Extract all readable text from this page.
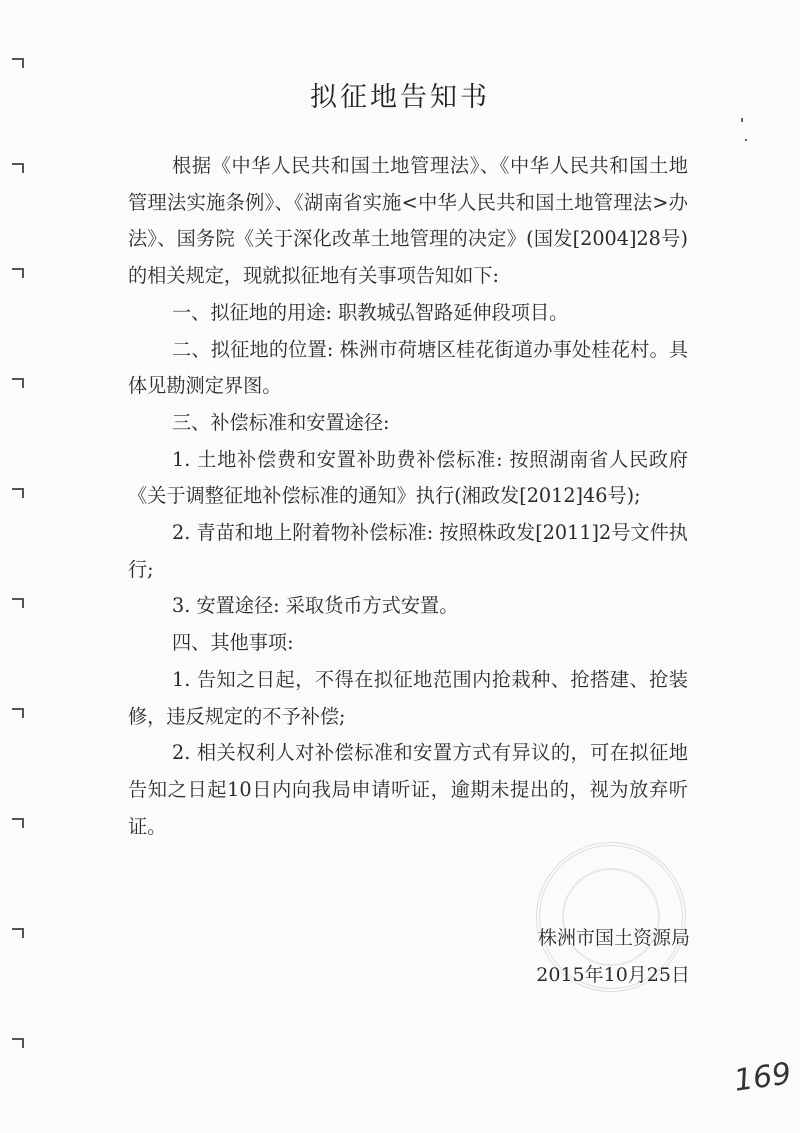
拟征地告知书

根据《中华人民共和国土地管理法》、《中华人民共和国土地管理法实施条例》、《湖南省实施<中华人民共和国土地管理法>办法》、国务院《关于深化改革土地管理的决定》(国发[2004]28号)的相关规定，现就拟征地有关事项告知如下:

一、拟征地的用途: 职教城弘智路延伸段项目。

二、拟征地的位置: 株洲市荷塘区桂花街道办事处桂花村。具体见勘测定界图。

三、补偿标准和安置途径:

1. 土地补偿费和安置补助费补偿标准: 按照湖南省人民政府《关于调整征地补偿标准的通知》执行(湘政发[2012]46号);

2. 青苗和地上附着物补偿标准: 按照株政发[2011]2号文件执行;

3. 安置途径: 采取货币方式安置。

四、其他事项:

1. 告知之日起，不得在拟征地范围内抢栽种、抢搭建、抢装修，违反规定的不予补偿;

2. 相关权利人对补偿标准和安置方式有异议的，可在拟征地告知之日起10日内向我局申请听证，逾期未提出的，视为放弃听证。

株洲市国土资源局
2015年10月25日
169
